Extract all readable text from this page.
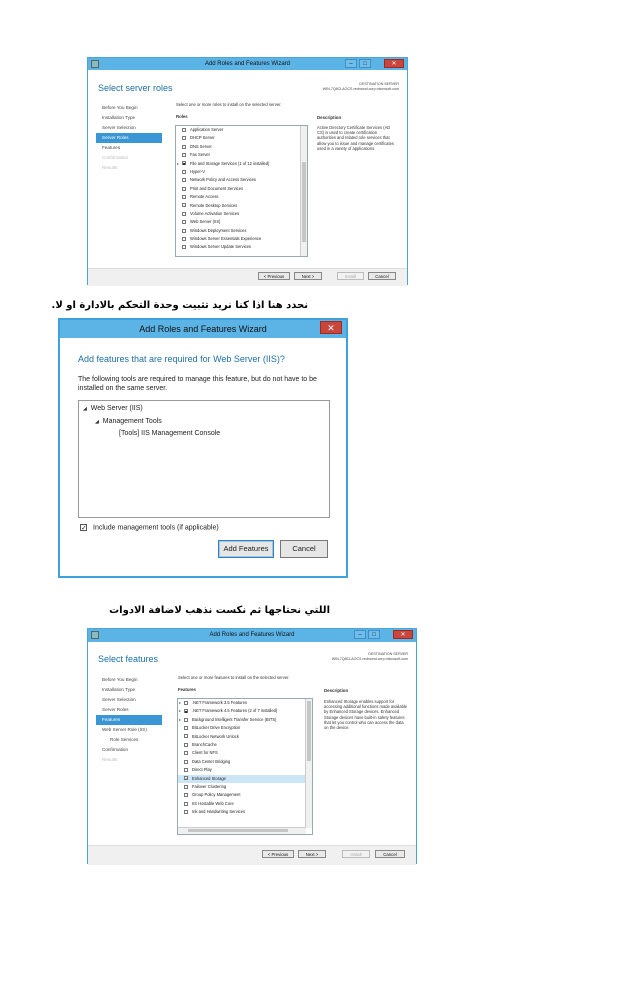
Add Roles and Features Wizard	–	□	✕
Select server roles	DESTINATION SERVER
WIN-7Q8CLAOCS.redmond.corp.microsoft.com
Before You Begin
Installation Type
Server Selection
Server Roles
Features
Confirmation
Results
Select one or more roles to install on the selected server.
Roles
Application Server
DHCP Server
DNS Server
Fax Server
▸ ■ File and Storage Services (1 of 12 installed)
Hyper-V
Network Policy and Access Services
Print and Document Services
Remote Access
Remote Desktop Services
Volume Activation Services
Web Server (IIS)
Windows Deployment Services
Windows Server Essentials Experience
Windows Server Update Services
Description
Active Directory Certificate Services (AD CS) is used to create certification authorities and related role services that allow you to issue and manage certificates used in a variety of applications.
< Previous	Next >	Install	Cancel
نحدد هنا اذا كنا نريد تثبيت وحدة التحكم بالادارة او لا.
Add Roles and Features Wizard	✕
Add features that are required for Web Server (IIS)?
The following tools are required to manage this feature, but do not have to be installed on the same server.
◢ Web Server (IIS)
◢ Management Tools
[Tools] IIS Management Console
✓ Include management tools (if applicable)
Add Features	Cancel
اللتي نحتاجها ثم نكست نذهب لاضافة الادوات
Add Roles and Features Wizard	–	□	✕
Select features	DESTINATION SERVER
WIN-7Q8CLAOCS.redmond.corp.microsoft.com
Before You Begin
Installation Type
Server Selection
Server Roles
Features
Web Server Role (IIS)
Role Services
Confirmation
Results
Select one or more features to install on the selected server.
Features
▸	.NET Framework 3.5 Features
▸ ■ .NET Framework 4.5 Features (2 of 7 installed)
▸	Background Intelligent Transfer Service (BITS)
BitLocker Drive Encryption
BitLocker Network Unlock
BranchCache
Client for NFS
Data Center Bridging
Direct Play
✓ Enhanced Storage
Failover Clustering
Group Policy Management
IIS Hostable Web Core
Ink and Handwriting Services
Description
Enhanced Storage enables support for accessing additional functions made available by Enhanced Storage devices. Enhanced Storage devices have built-in safety features that let you control who can access the data on the device.
< Previous	Next >	Install	Cancel
